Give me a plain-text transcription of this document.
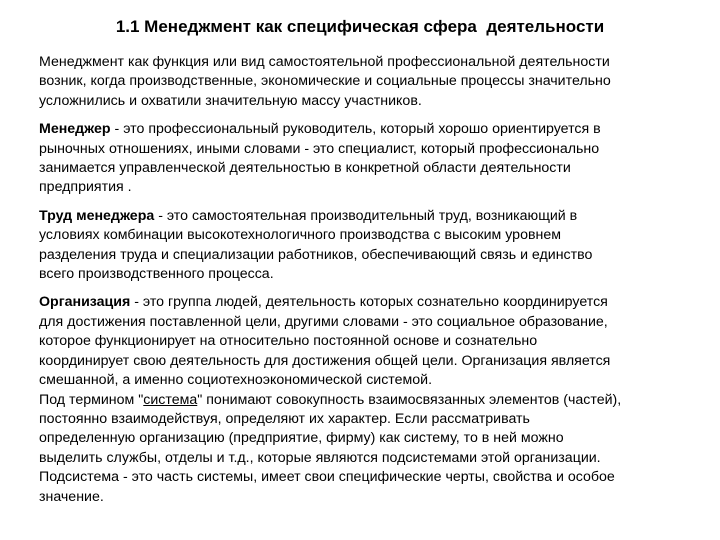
1.1 Менеджмент как специфическая сфера  деятельности
Менеджмент как функция или вид самостоятельной профессиональной деятельности
возник, когда производственные, экономические и социальные процессы значительно
усложнились и охватили значительную массу участников.
Менеджер - это профессиональный руководитель, который хорошо ориентируется в
рыночных отношениях, иными словами - это специалист, который профессионально
занимается управленческой деятельностью в конкретной области деятельности
предприятия .
Труд менеджера - это самостоятельная производительный труд, возникающий в
условиях комбинации высокотехнологичного производства с высоким уровнем
разделения труда и специализации работников, обеспечивающий связь и единство
всего производственного процесса.
Организация - это группа людей, деятельность которых сознательно координируется
для достижения поставленной цели, другими словами - это социальное образование,
которое функционирует на относительно постоянной основе и сознательно
координирует свою деятельность для достижения общей цели. Организация является
смешанной, а именно социотехноэкономической системой.
Под термином "система" понимают совокупность взаимосвязанных элементов (частей),
постоянно взаимодействуя, определяют их характер. Если рассматривать
определенную организацию (предприятие, фирму) как систему, то в ней можно
выделить службы, отделы и т.д., которые являются подсистемами этой организации.
Подсистема - это часть системы, имеет свои специфические черты, свойства и особое
значение.
